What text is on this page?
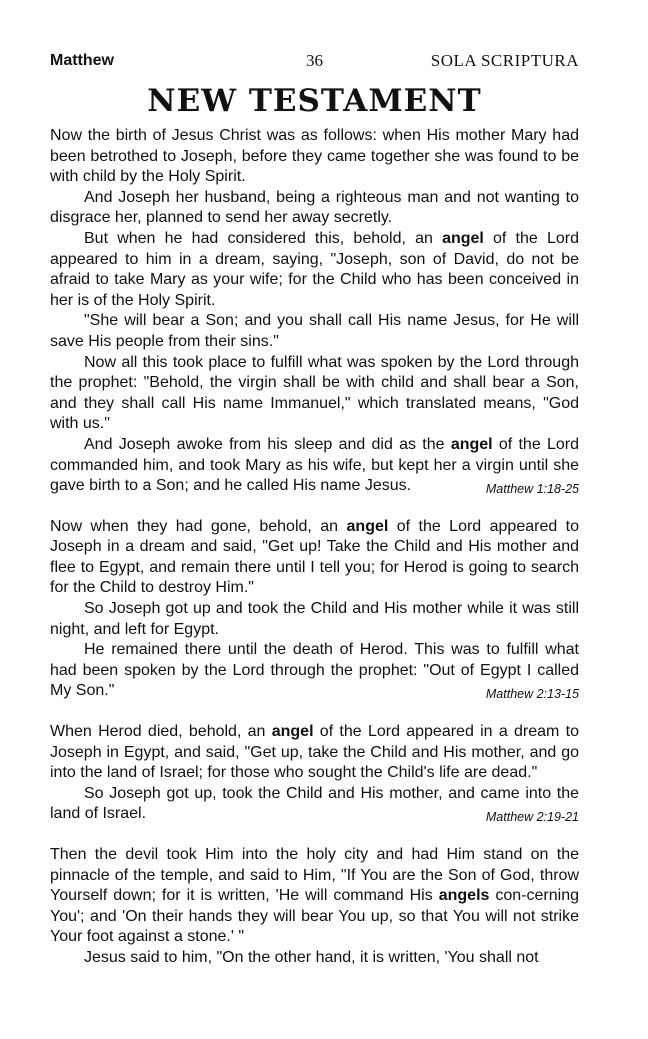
Matthew	36	SOLA SCRIPTURA
NEW TESTAMENT

Now the birth of Jesus Christ was as follows: when His mother Mary had been betrothed to Joseph, before they came together she was found to be with child by the Holy Spirit.

And Joseph her husband, being a righteous man and not wanting to disgrace her, planned to send her away secretly.

But when he had considered this, behold, an angel of the Lord appeared to him in a dream, saying, "Joseph, son of David, do not be afraid to take Mary as your wife; for the Child who has been conceived in her is of the Holy Spirit.

"She will bear a Son; and you shall call His name Jesus, for He will save His people from their sins."

Now all this took place to fulfill what was spoken by the Lord through the prophet: "Behold, the virgin shall be with child and shall bear a Son, and they shall call His name Immanuel," which translated means, "God with us."

And Joseph awoke from his sleep and did as the angel of the Lord commanded him, and took Mary as his wife, but kept her a virgin until she gave birth to a Son; and he called His name Jesus.	Matthew 1:18-25

Now when they had gone, behold, an angel of the Lord appeared to Joseph in a dream and said, "Get up! Take the Child and His mother and flee to Egypt, and remain there until I tell you; for Herod is going to search for the Child to destroy Him."

So Joseph got up and took the Child and His mother while it was still night, and left for Egypt.

He remained there until the death of Herod. This was to fulfill what had been spoken by the Lord through the prophet: "Out of Egypt I called My Son."	Matthew 2:13-15

When Herod died, behold, an angel of the Lord appeared in a dream to Joseph in Egypt, and said, "Get up, take the Child and His mother, and go into the land of Israel; for those who sought the Child's life are dead."

So Joseph got up, took the Child and His mother, and came into the land of Israel.	Matthew 2:19-21

Then the devil took Him into the holy city and had Him stand on the pinnacle of the temple, and said to Him, "If You are the Son of God, throw Yourself down; for it is written, 'He will command His angels con-cerning You'; and 'On their hands they will bear You up, so that You will not strike Your foot against a stone.' "

Jesus said to him, "On the other hand, it is written, 'You shall not
